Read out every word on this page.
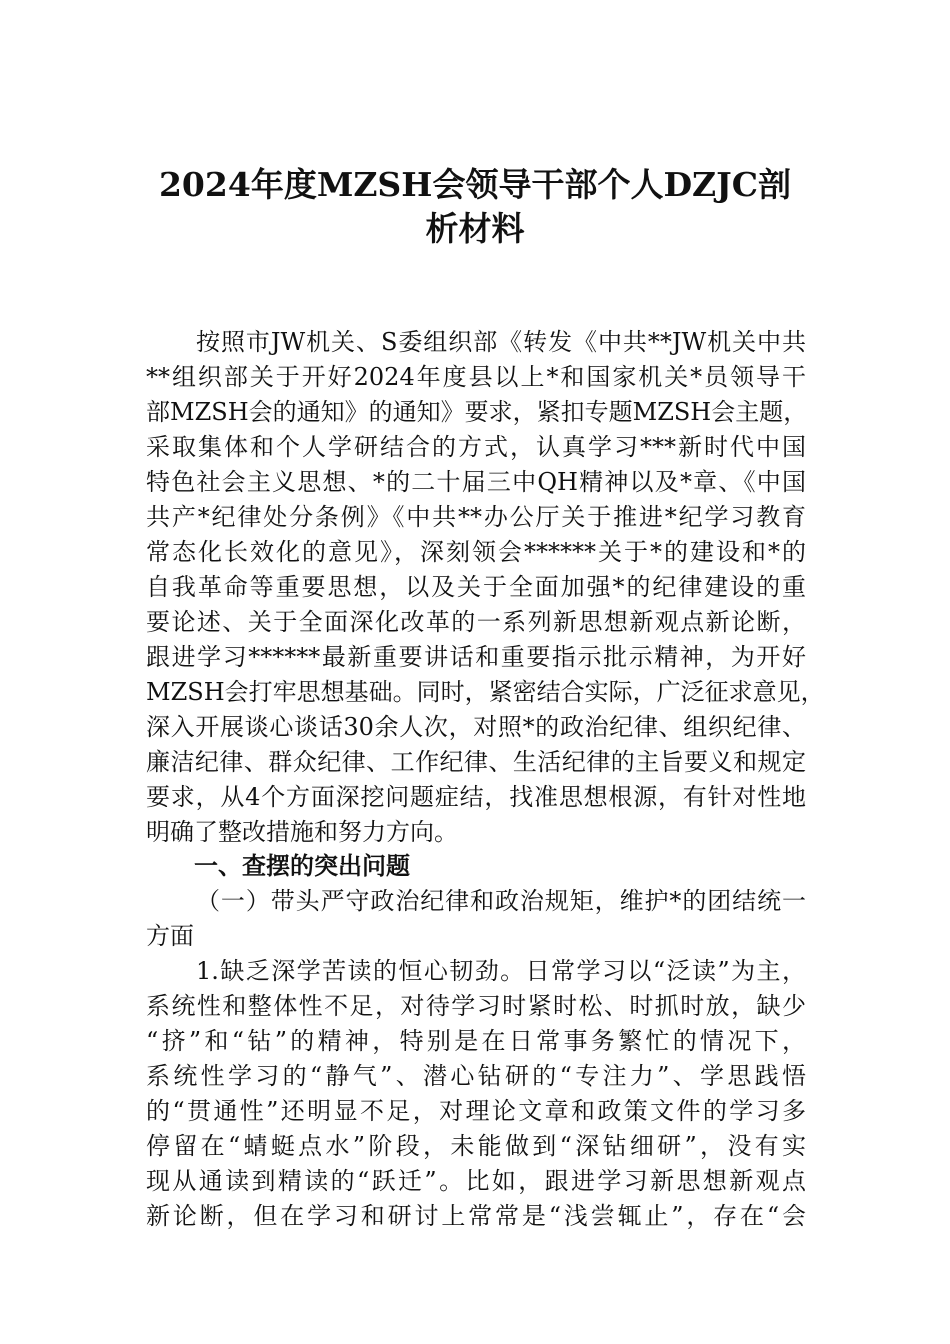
2024年度MZSH会领导干部个人DZJC剖
析材料
按照市JW机关、S委组织部《转发《中共**JW机关中共
**组织部关于开好2024年度县以上*和国家机关*员领导干
部MZSH会的通知》的通知》要求，紧扣专题MZSH会主题，
采取集体和个人学研结合的方式，认真学习***新时代中国
特色社会主义思想、*的二十届三中QH精神以及*章、《中国
共产*纪律处分条例》《中共**办公厅关于推进*纪学习教育
常态化长效化的意见》，深刻领会******关于*的建设和*的
自我革命等重要思想，以及关于全面加强*的纪律建设的重
要论述、关于全面深化改革的一系列新思想新观点新论断，
跟进学习******最新重要讲话和重要指示批示精神，为开好
MZSH会打牢思想基础。同时，紧密结合实际，广泛征求意见，
深入开展谈心谈话30余人次，对照*的政治纪律、组织纪律、
廉洁纪律、群众纪律、工作纪律、生活纪律的主旨要义和规定
要求，从4个方面深挖问题症结，找准思想根源，有针对性地
明确了整改措施和努力方向。
一、查摆的突出问题
（一）带头严守政治纪律和政治规矩，维护*的团结统一
方面
1.缺乏深学苦读的恒心韧劲。日常学习以“泛读”为主，
系统性和整体性不足，对待学习时紧时松、时抓时放，缺少
“挤”和“钻”的精神，特别是在日常事务繁忙的情况下，
系统性学习的“静气”、潜心钻研的“专注力”、学思践悟
的“贯通性”还明显不足，对理论文章和政策文件的学习多
停留在“蜻蜓点水”阶段，未能做到“深钻细研”，没有实
现从通读到精读的“跃迁”。比如，跟进学习新思想新观点
新论断，但在学习和研讨上常常是“浅尝辄止”，存在“会
